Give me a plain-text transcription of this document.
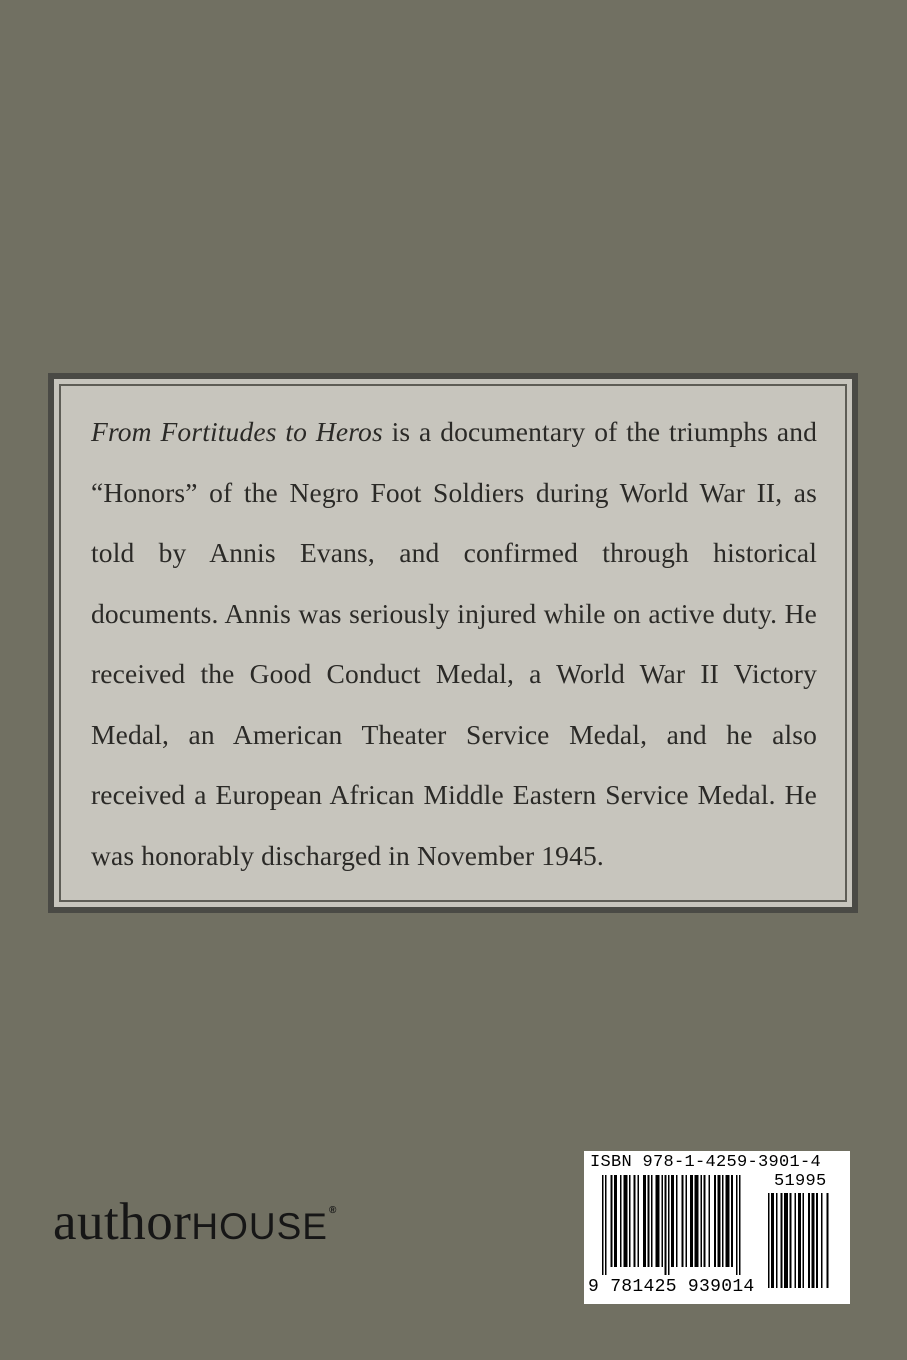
From Fortitudes to Heros is a documentary of the triumphs and “Honors” of the Negro Foot Soldiers during World War II, as told by Annis Evans, and confirmed through historical documents. Annis was seriously injured while on active duty. He received the Good Conduct Medal, a World War II Victory Medal, an American Theater Service Medal, and he also received a European African Middle Eastern Service Medal. He was honorably discharged in November 1945.

author HOUSE ®
ISBN 978-1-4259-3901-4
51995
9 781425 939014
